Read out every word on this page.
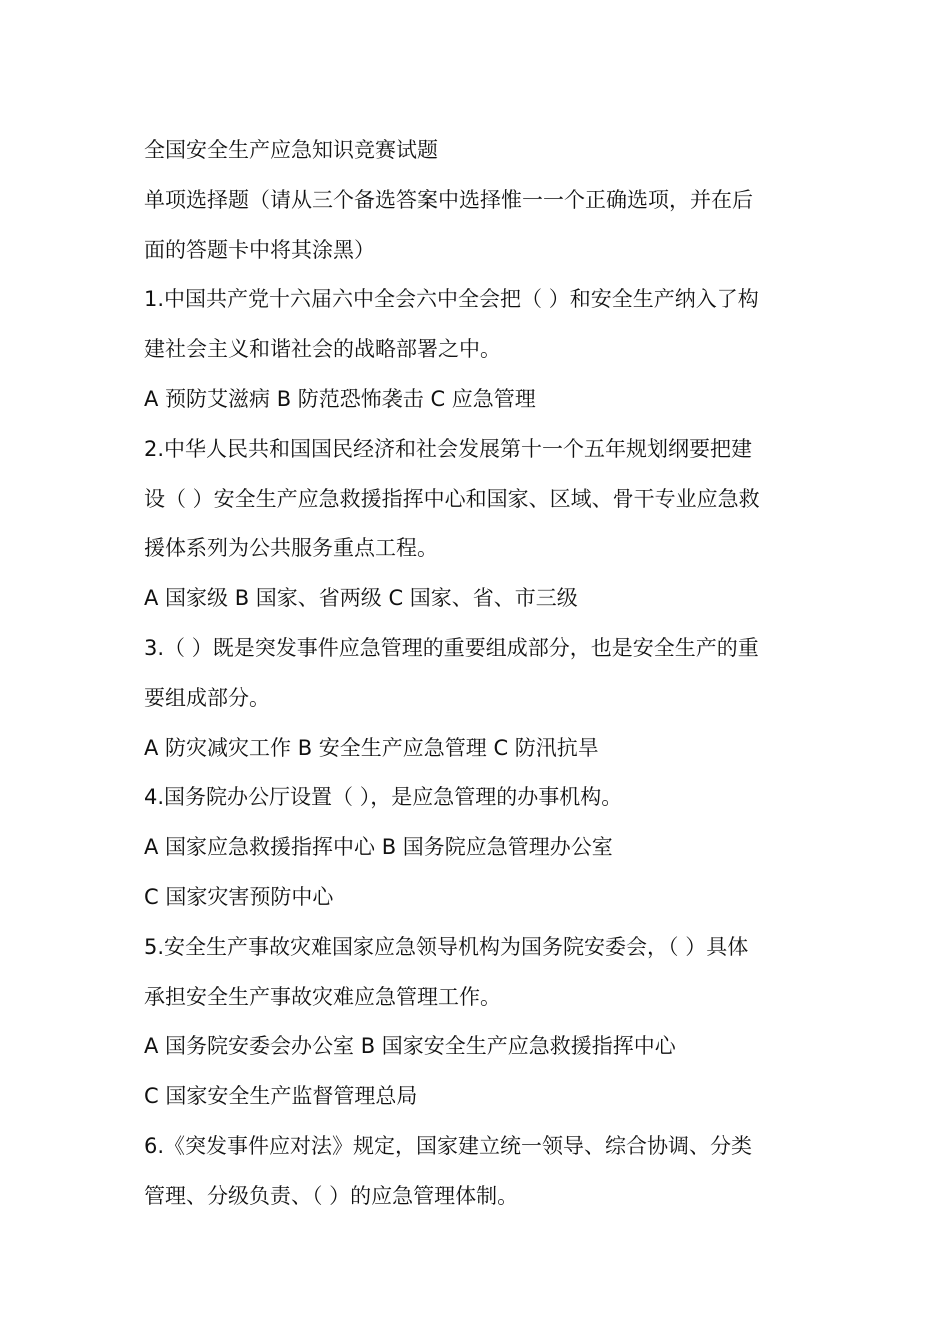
全国安全生产应急知识竞赛试题

单项选择题（请从三个备选答案中选择惟一一个正确选项，并在后

面的答题卡中将其涂黑）

1.中国共产党十六届六中全会六中全会把（ ）和安全生产纳入了构

建社会主义和谐社会的战略部署之中。

A 预防艾滋病 B 防范恐怖袭击 C 应急管理

2.中华人民共和国国民经济和社会发展第十一个五年规划纲要把建

设（ ）安全生产应急救援指挥中心和国家、区域、骨干专业应急救

援体系列为公共服务重点工程。

A 国家级 B 国家、省两级 C 国家、省、市三级

3.（ ）既是突发事件应急管理的重要组成部分，也是安全生产的重

要组成部分。

A 防灾减灾工作 B 安全生产应急管理 C 防汛抗旱

4.国务院办公厅设置（ ），是应急管理的办事机构。

A 国家应急救援指挥中心 B 国务院应急管理办公室

C 国家灾害预防中心

5.安全生产事故灾难国家应急领导机构为国务院安委会，（ ）具体

承担安全生产事故灾难应急管理工作。

A 国务院安委会办公室 B 国家安全生产应急救援指挥中心

C 国家安全生产监督管理总局

6.《突发事件应对法》规定，国家建立统一领导、综合协调、分类

管理、分级负责、（ ）的应急管理体制。
